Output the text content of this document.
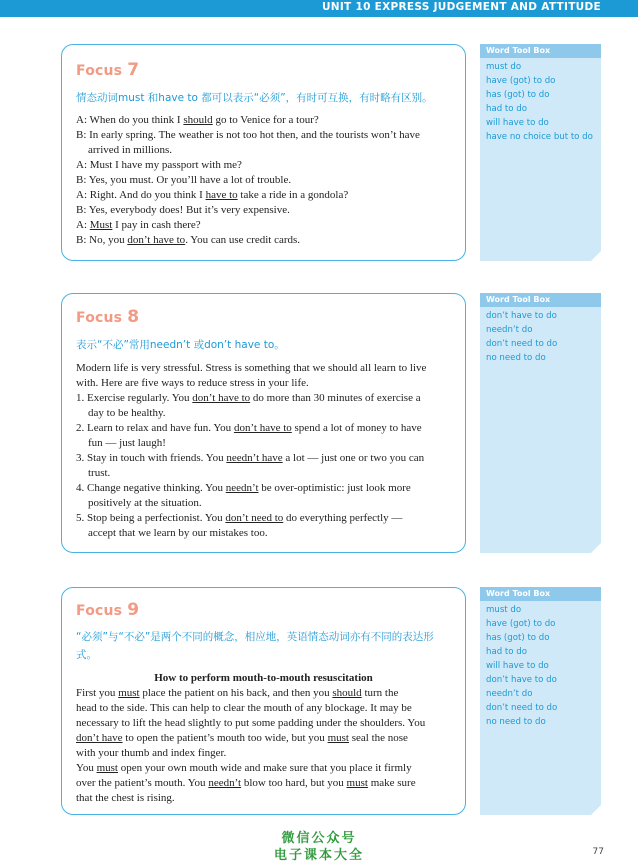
UNIT 10 EXPRESS JUDGEMENT AND ATTITUDE
Focus 7
情态动词must 和have to 都可以表示“必须”，有时可互换，有时略有区别。
A: When do you think I should go to Venice for a tour?
B: In early spring. The weather is not too hot then, and the tourists won’t have
arrived in millions.
A: Must I have my passport with me?
B: Yes, you must. Or you’ll have a lot of trouble.
A: Right. And do you think I have to take a ride in a gondola?
B: Yes, everybody does! But it’s very expensive.
A: Must I pay in cash there?
B: No, you don’t have to. You can use credit cards.
Word Tool Box
must do
have (got) to do
has (got) to do
had to do
will have to do
have no choice but to do
Focus 8
表示“不必”常用needn’t 或don’t have to。
Modern life is very stressful. Stress is something that we should all learn to live
with. Here are five ways to reduce stress in your life.
1. Exercise regularly. You don’t have to do more than 30 minutes of exercise a
day to be healthy.
2. Learn to relax and have fun. You don’t have to spend a lot of money to have
fun — just laugh!
3. Stay in touch with friends. You needn’t have a lot — just one or two you can
trust.
4. Change negative thinking. You needn’t be over-optimistic: just look more
positively at the situation.
5. Stop being a perfectionist. You don’t need to do everything perfectly —
accept that we learn by our mistakes too.
Word Tool Box
don’t have to do
needn’t do
don’t need to do
no need to do
Focus 9
“必须”与“不必”是两个不同的概念，相应地，英语情态动词亦有不同的表达形式。
How to perform mouth-to-mouth resuscitation
First you must place the patient on his back, and then you should turn the
head to the side. This can help to clear the mouth of any blockage. It may be
necessary to lift the head slightly to put some padding under the shoulders. You
don’t have to open the patient’s mouth too wide, but you must seal the nose
with your thumb and index finger.
You must open your own mouth wide and make sure that you place it firmly
over the patient’s mouth. You needn’t blow too hard, but you must make sure
that the chest is rising.
Word Tool Box
must do
have (got) to do
has (got) to do
had to do
will have to do
don’t have to do
needn’t do
don’t need to do
no need to do
微信公众号
电子课本大全	77
